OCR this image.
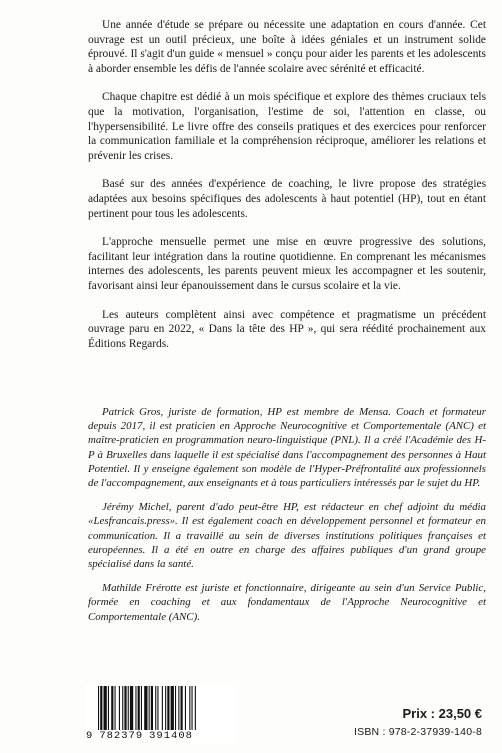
Une année d'étude se prépare ou nécessite une adaptation en cours d'année. Cet ouvrage est un outil précieux, une boîte à idées géniales et un instrument solide éprouvé. Il s'agit d'un guide « mensuel » conçu pour aider les parents et les adolescents à aborder ensemble les défis de l'année scolaire avec sérénité et efficacité.

Chaque chapitre est dédié à un mois spécifique et explore des thèmes cruciaux tels que la motivation, l'organisation, l'estime de soi, l'attention en classe, ou l'hypersensibilité. Le livre offre des conseils pratiques et des exercices pour renforcer la communication familiale et la compréhension réciproque, améliorer les relations et prévenir les crises.

Basé sur des années d'expérience de coaching, le livre propose des stratégies adaptées aux besoins spécifiques des adolescents à haut potentiel (HP), tout en étant pertinent pour tous les adolescents.

L'approche mensuelle permet une mise en œuvre progressive des solutions, facilitant leur intégration dans la routine quotidienne. En comprenant les mécanismes internes des adolescents, les parents peuvent mieux les accompagner et les soutenir, favorisant ainsi leur épanouissement dans le cursus scolaire et la vie.

Les auteurs complètent ainsi avec compétence et pragmatisme un précédent ouvrage paru en 2022, « Dans la tête des HP », qui sera réédité prochainement aux Éditions Regards.

Patrick Gros, juriste de formation, HP est membre de Mensa. Coach et formateur depuis 2017, il est praticien en Approche Neurocognitive et Comportementale (ANC) et maître-praticien en programmation neuro-linguistique (PNL). Il a créé l'Académie des H-P à Bruxelles dans laquelle il est spécialisé dans l'accompagnement des personnes à Haut Potentiel. Il y enseigne également son modèle de l'Hyper-Préfrontalité aux professionnels de l'accompagnement, aux enseignants et à tous particuliers intéressés par le sujet du HP.

Jérémy Michel, parent d'ado peut-être HP, est rédacteur en chef adjoint du média «Lesfrancais.press». Il est également coach en développement personnel et formateur en communication. Il a travaillé au sein de diverses institutions politiques françaises et européennes. Il a été en outre en charge des affaires publiques d'un grand groupe spécialisé dans la santé.

Mathilde Frérotte est juriste et fonctionnaire, dirigeante au sein d'un Service Public, formée en coaching et aux fondamentaux de l'Approche Neurocognitive et Comportementale (ANC).

9 782379 391408
Prix : 23,50 €
ISBN : 978-2-37939-140-8
